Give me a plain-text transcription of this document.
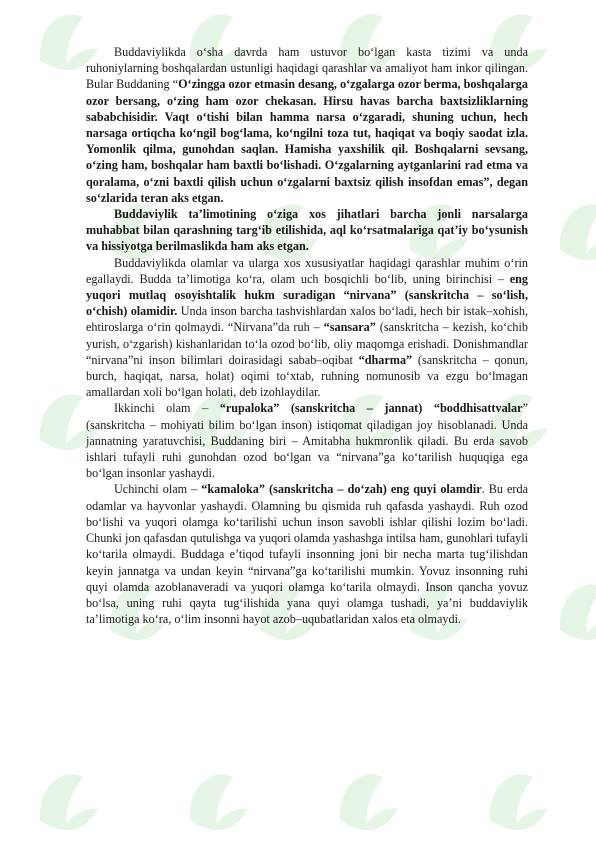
Buddaviylikda o‘sha davrda ham ustuvor bo‘lgan kasta tizimi va unda ruhoniylarning boshqalardan ustunligi haqidagi qarashlar va amaliyot ham inkor qilingan. Bular Buddaning “O‘zingga ozor etmasin desang, o‘zgalarga ozor berma, boshqalarga ozor bersang, o‘zing ham ozor chekasan. Hirsu havas barcha baxtsizliklarning sababchisidir. Vaqt o‘tishi bilan hamma narsa o‘zgaradi, shuning uchun, hech narsaga ortiqcha ko‘ngil bog‘lama, ko‘ngilni toza tut, haqiqat va boqiy saodat izla. Yomonlik qilma, gunohdan saqlan. Hamisha yaxshilik qil. Boshqalarni sevsang, o‘zing ham, boshqalar ham baxtli bo‘lishadi. O‘zgalarning aytganlarini rad etma va qoralama, o‘zni baxtli qilish uchun o‘zgalarni baxtsiz qilish insofdan emas”, degan so‘zlarida teran aks etgan.

Buddaviylik ta’limotining o‘ziga xos jihatlari barcha jonli narsalarga muhabbat bilan qarashning targ‘ib etilishida, aql ko‘rsatmalariga qat’iy bo‘ysunish va hissiyotga berilmaslikda ham aks etgan.

Buddaviylikda olamlar va ularga xos xususiyatlar haqidagi qarashlar muhim o‘rin egallaydi. Budda ta’limotiga ko‘ra, olam uch bosqichli bo‘lib, uning birinchisi – eng yuqori mutlaq osoyishtalik hukm suradigan “nirvana” (sanskritcha – so‘lish, o‘chish) olamidir. Unda inson barcha tashvishlardan xalos bo‘ladi, hech bir istak–xohish, ehtiroslarga o‘rin qolmaydi. “Nirvana”da ruh – “sansara” (sanskritcha – kezish, ko‘chib yurish, o‘zgarish) kishanlaridan to‘la ozod bo‘lib, oliy maqomga erishadi. Donishmandlar “nirvana”ni inson bilimlari doirasidagi sabab–oqibat “dharma” (sanskritcha – qonun, burch, haqiqat, narsa, holat) oqimi to‘xtab, ruhning nomunosib va ezgu bo‘lmagan amallardan xoli bo‘lgan holati, deb izohlaydilar.

Ikkinchi olam – “rupaloka” (sanskritcha – jannat) “boddhisattvalar” (sanskritcha – mohiyati bilim bo‘lgan inson) istiqomat qiladigan joy hisoblanadi. Unda jannatning yaratuvchisi, Buddaning biri – Amitabha hukmronlik qiladi. Bu erda savob ishlari tufayli ruhi gunohdan ozod bo‘lgan va “nirvana”ga ko‘tarilish huquqiga ega bo‘lgan insonlar yashaydi.

Uchinchi olam – “kamaloka” (sanskritcha – do‘zah) eng quyi olamdir. Bu erda odamlar va hayvonlar yashaydi. Olamning bu qismida ruh qafasda yashaydi. Ruh ozod bo‘lishi va yuqori olamga ko‘tarilishi uchun inson savobli ishlar qilishi lozim bo‘ladi. Chunki jon qafasdan qutulishga va yuqori olamda yashashga intilsa ham, gunohlari tufayli ko‘tarila olmaydi. Buddaga e’tiqod tufayli insonning joni bir necha marta tug‘ilishdan keyin jannatga va undan keyin “nirvana”ga ko‘tarilishi mumkin. Yovuz insonning ruhi quyi olamda azoblanaveradi va yuqori olamga ko‘tarila olmaydi. Inson qancha yovuz bo‘lsa, uning ruhi qayta tug‘ilishida yana quyi olamga tushadi, ya’ni buddaviylik ta’limotiga ko‘ra, o‘lim insonni hayot azob–uqubatlaridan xalos eta olmaydi.
